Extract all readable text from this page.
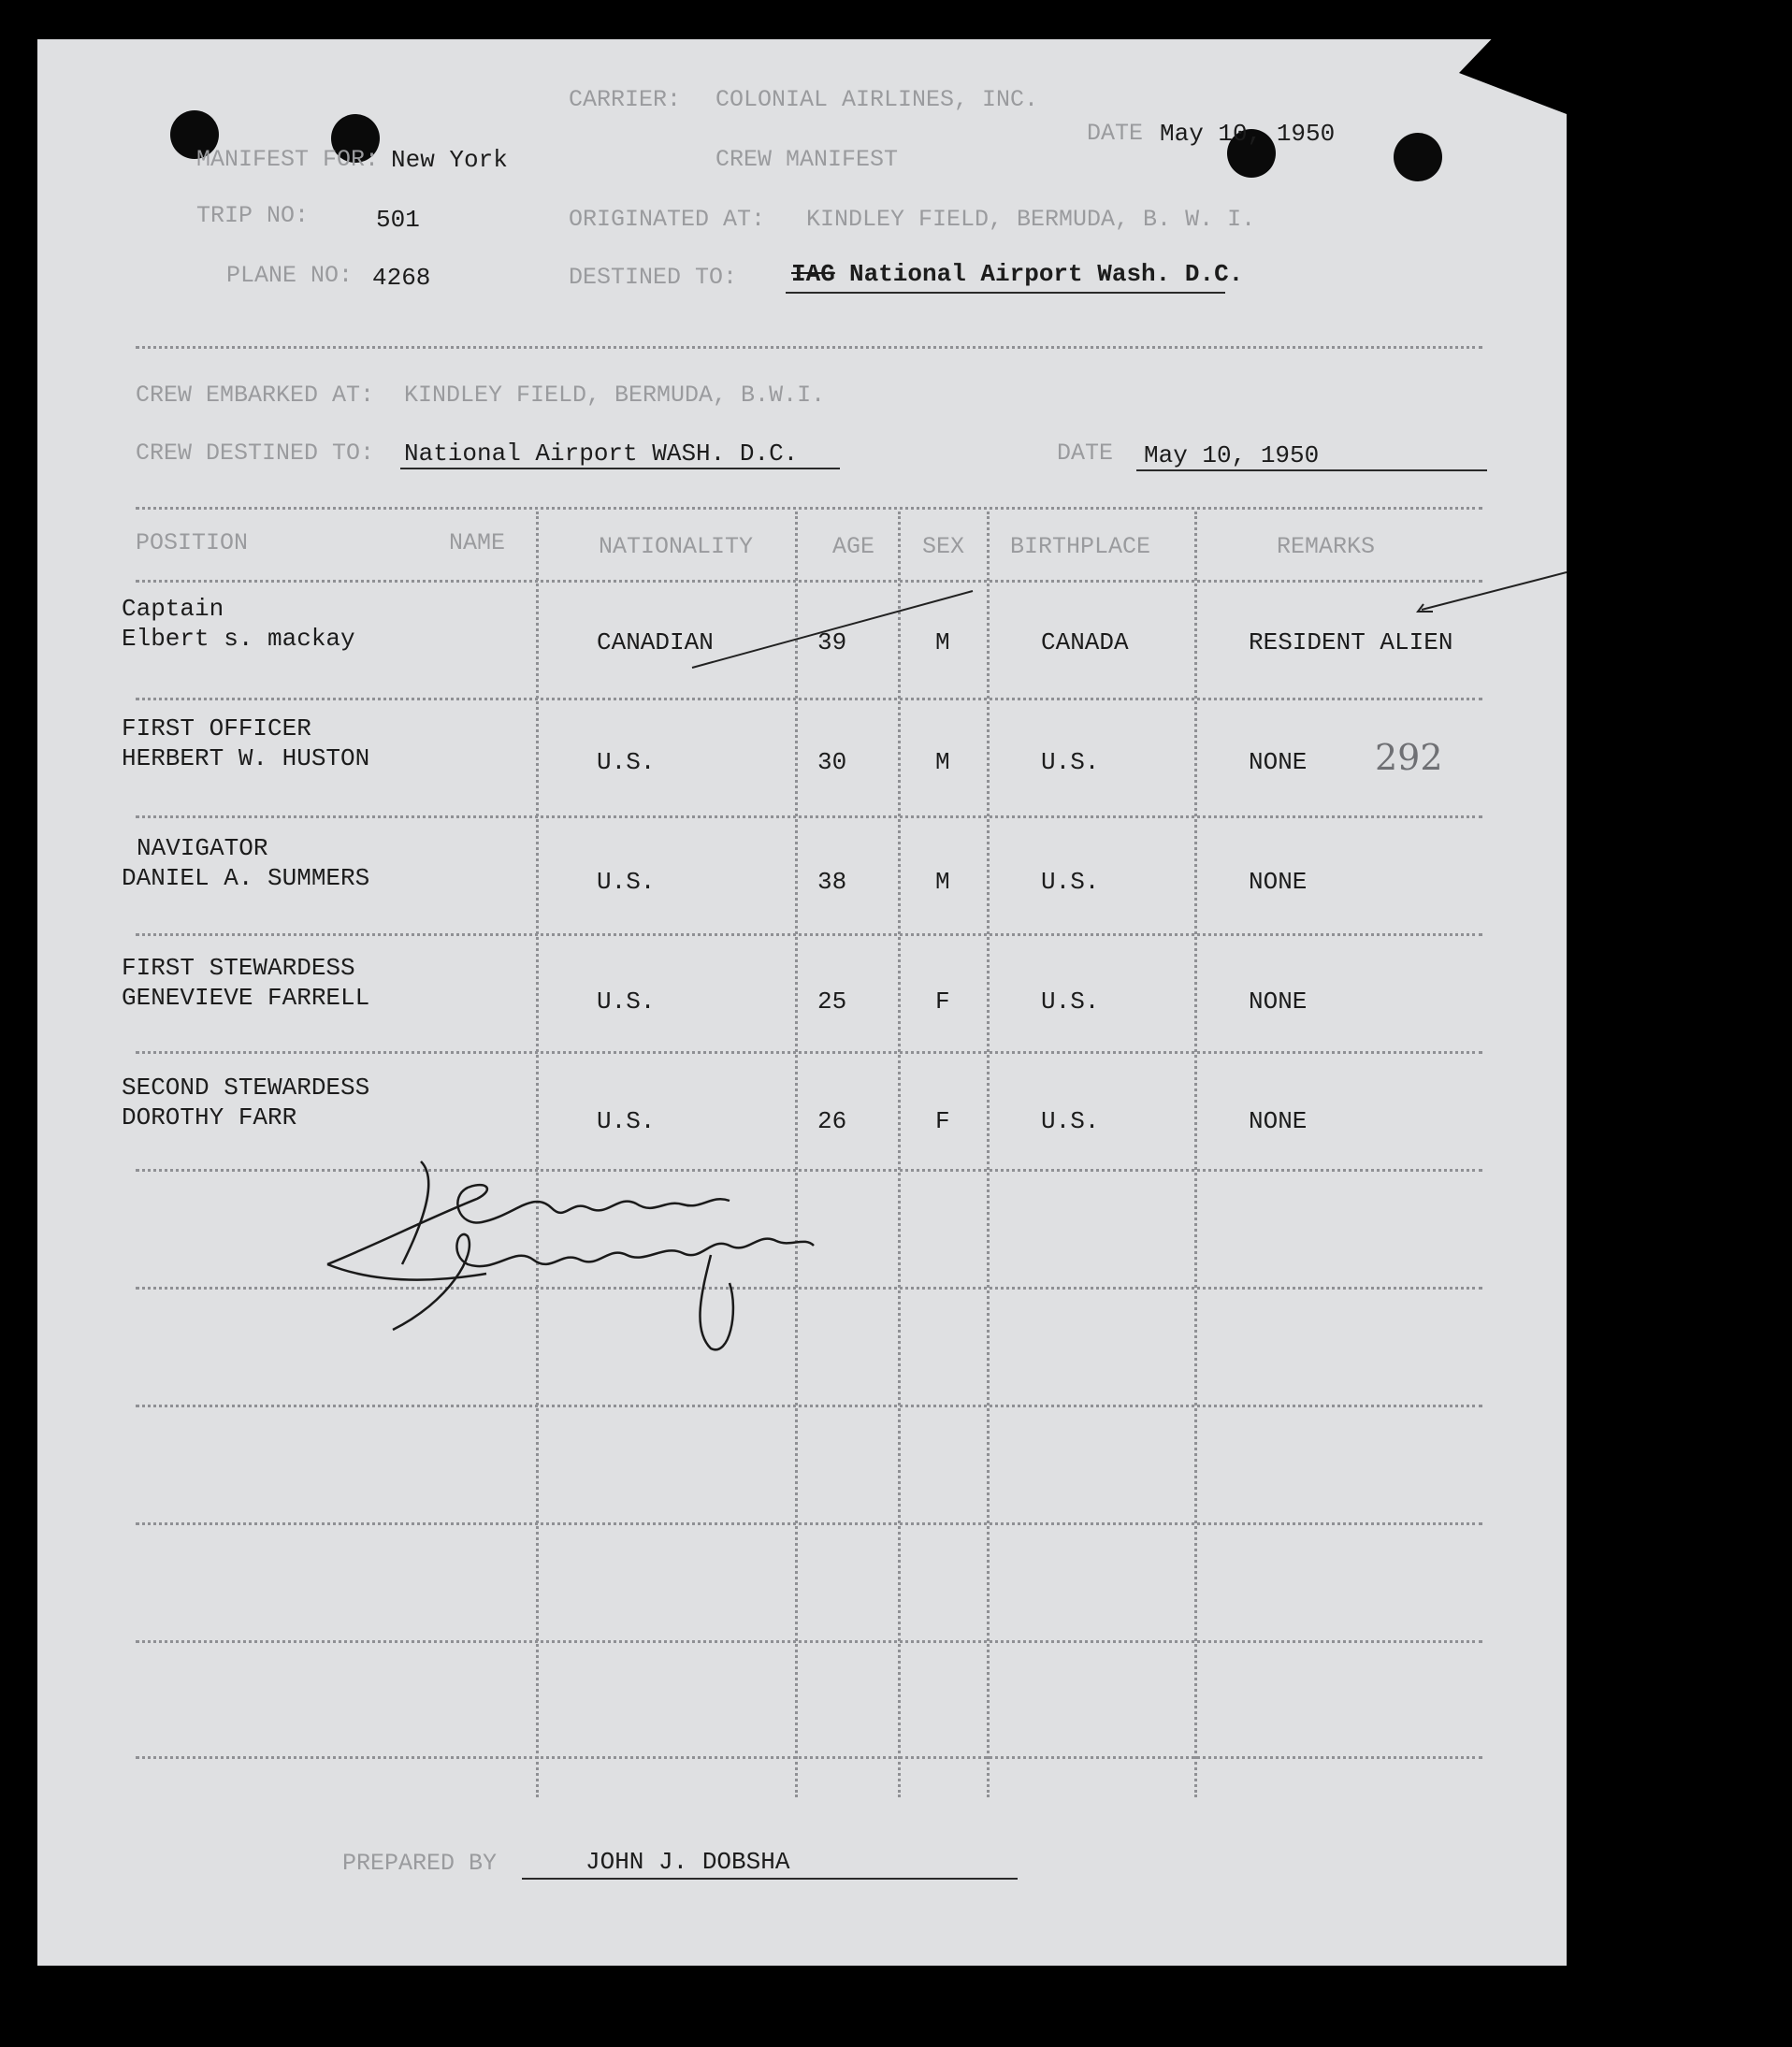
CARRIER: COLONIAL AIRLINES, INC.
MANIFEST FOR: New York	CREW MANIFEST
DATE May 10, 1950
TRIP NO:	501	ORIGINATED AT: KINDLEY FIELD, BERMUDA, B. W. I.
PLANE NO: 4268	DESTINED TO: IAG National Airport Wash. D.C.
CREW EMBARKED AT: KINDLEY FIELD, BERMUDA, B.W.I.
CREW DESTINED TO: National Airport WASH. D.C.	DATE May 10, 1950
POSITION	NAME	NATIONALITY	AGE SEX BIRTHPLACE	REMARKS
Captain
Elbert s. mackay	CANADIAN	39	M	CANADA	RESIDENT ALIEN
FIRST OFFICER
HERBERT W. HUSTON	U.S.	30	M	U.S.	NONE 292
NAVIGATOR
DANIEL A. SUMMERS	U.S.	38	M	U.S.	NONE
FIRST STEWARDESS
GENEVIEVE FARRELL	U.S.	25	F	U.S.	NONE
SECOND STEWARDESS
DOROTHY FARR	U.S.	26	F	U.S.	NONE
PREPARED BY	JOHN J. DOBSHA
